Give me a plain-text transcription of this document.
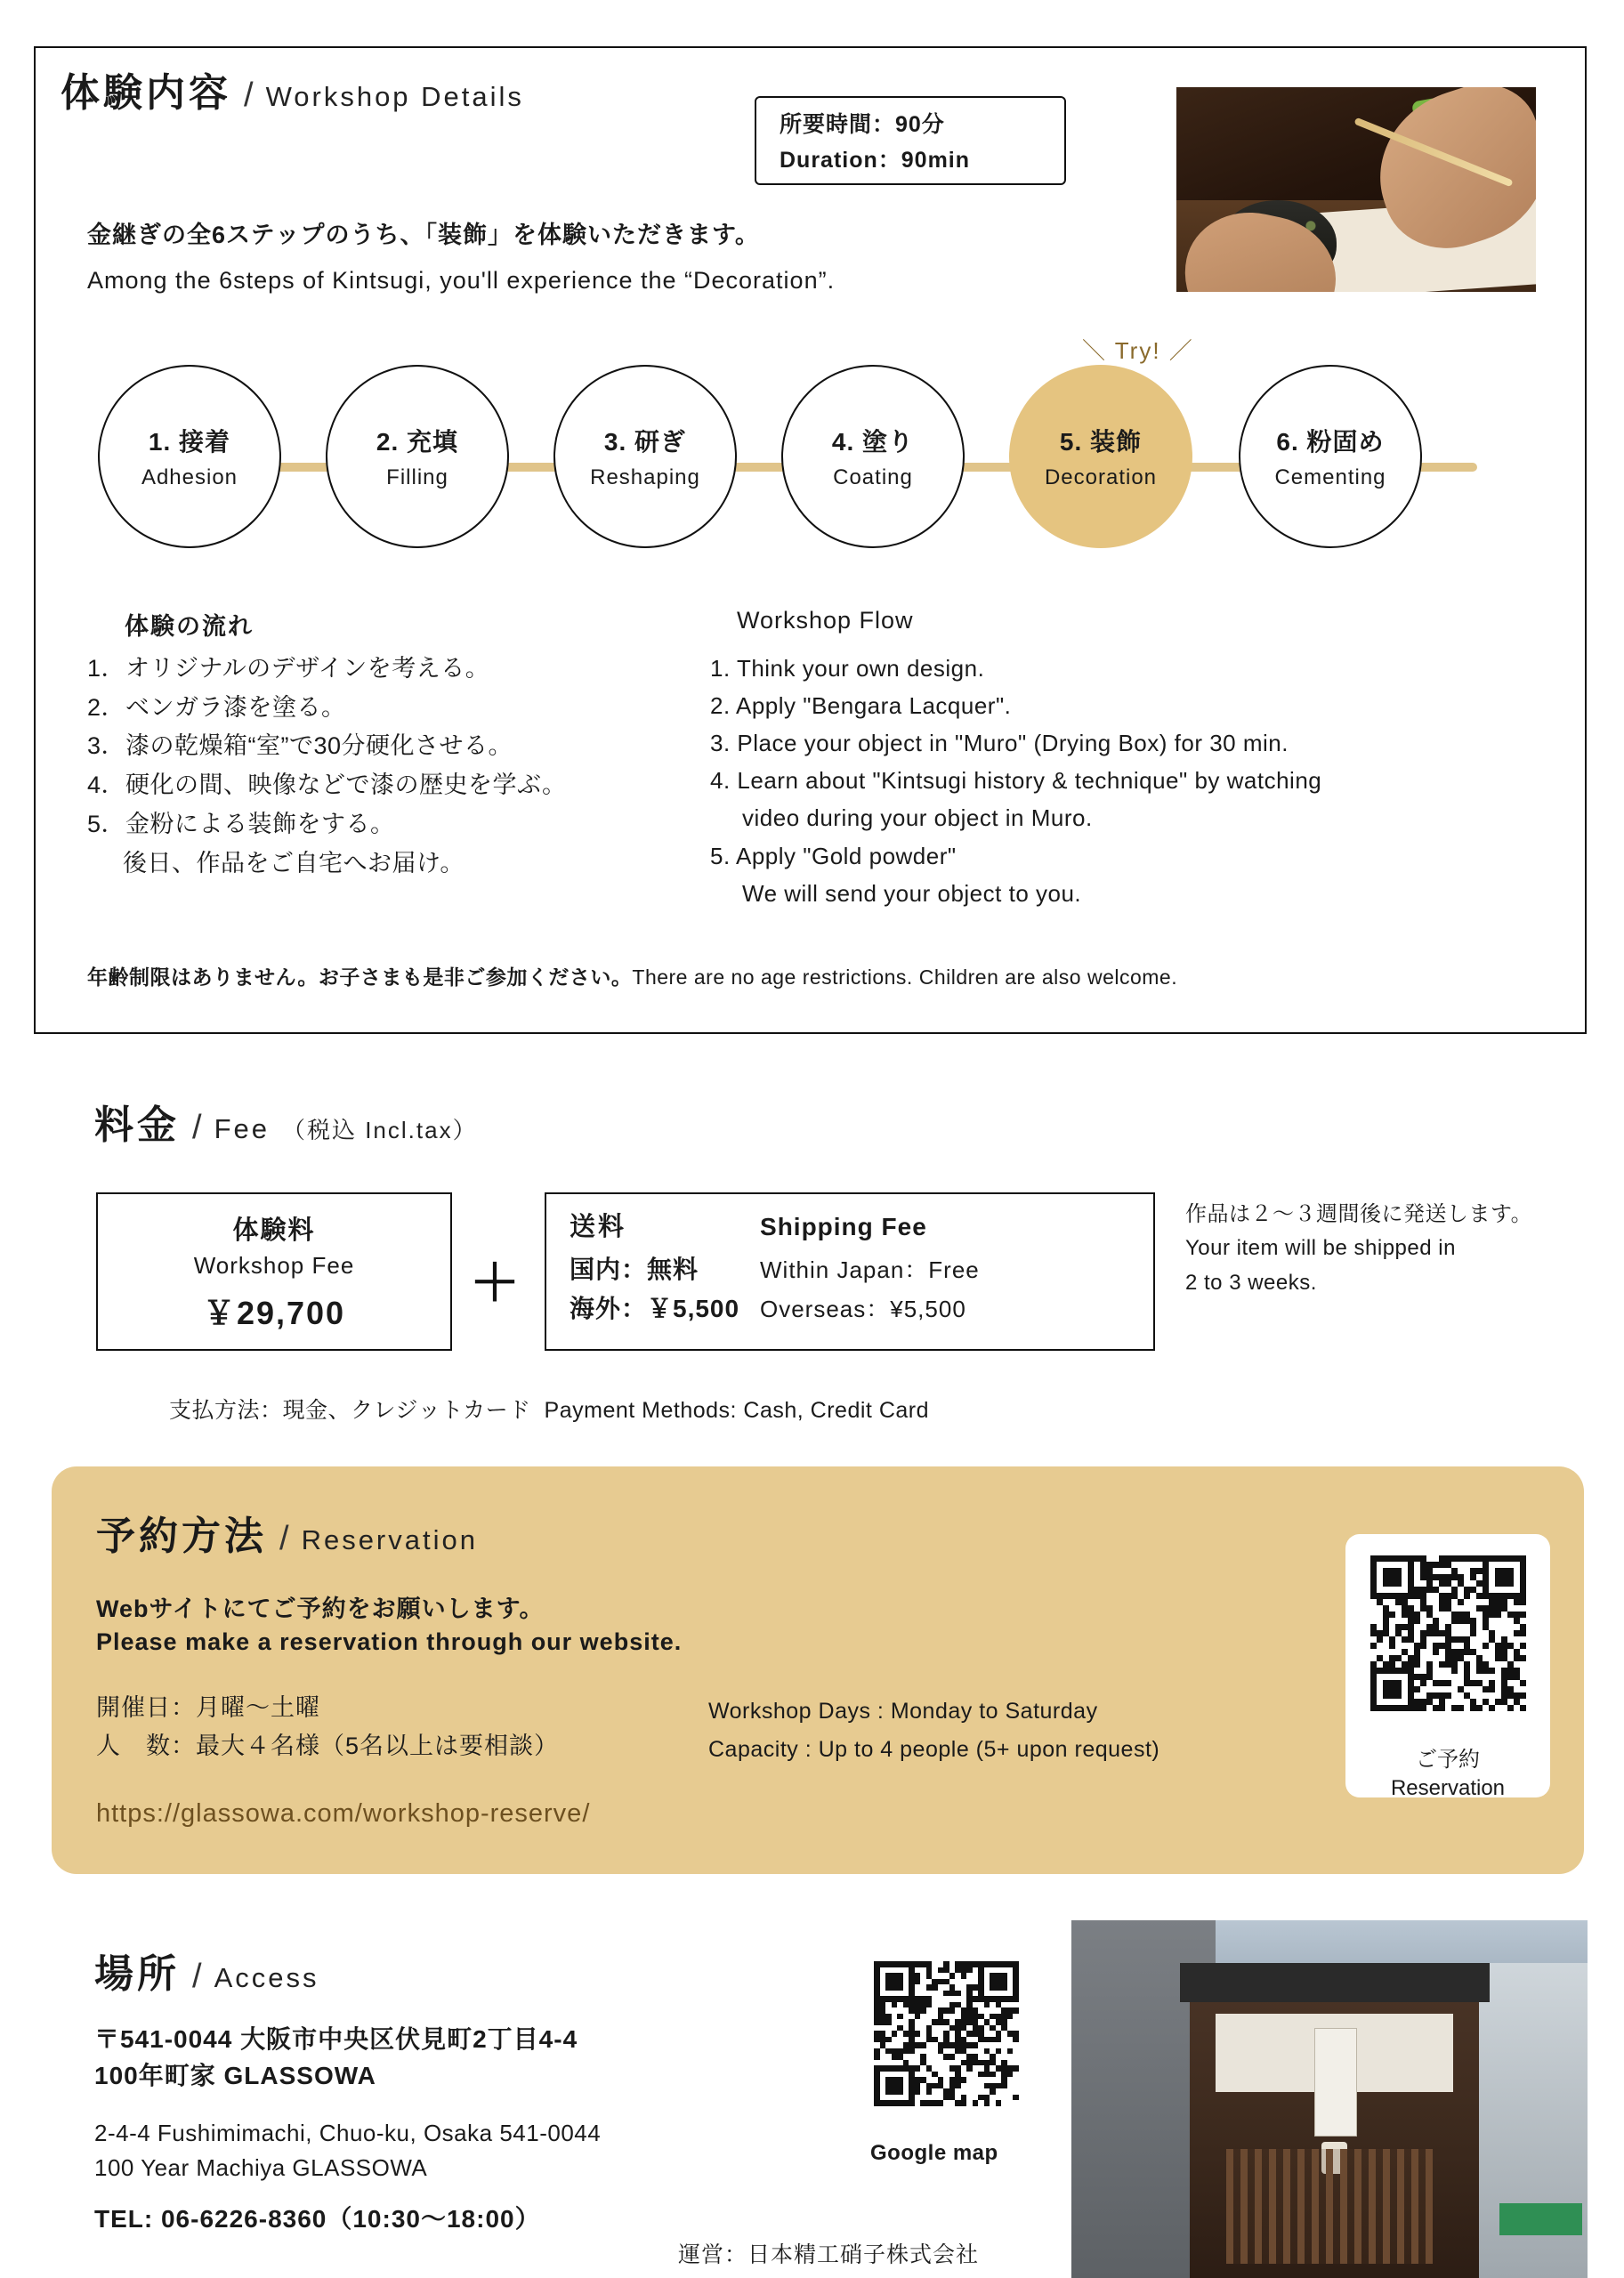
体験内容 / Workshop Details
所要時間：90分
Duration：90min
金継ぎの全6ステップのうち、「装飾」を体験いただきます。
Among the 6steps of Kintsugi, you'll experience the “Decoration”.
＼ Try! ／
1. 接着
Adhesion
2. 充填
Filling
3. 研ぎ
Reshaping
4. 塗り
Coating
5. 装飾
Decoration
6. 粉固め
Cementing
体験の流れ	Workshop Flow
1．オリジナルのデザインを考える。
2．ベンガラ漆を塗る。
3．漆の乾燥箱“室”で30分硬化させる。
4．硬化の間、映像などで漆の歴史を学ぶ。
5．金粉による装飾をする。
後日、作品をご自宅へお届け。
1. Think your own design.
2. Apply "Bengara Lacquer".
3. Place your object in "Muro" (Drying Box) for 30 min.
4. Learn about "Kintsugi history & technique" by watching
video during your object in Muro.
5. Apply "Gold powder"
We will send your object to you.
年齢制限はありません。お子さまも是非ご参加ください。There are no age restrictions. Children are also welcome.
料金 / Fee （税込 Incl.tax）
体験料
Workshop Fee
￥29,700
＋
送料	Shipping Fee
国内：無料	Within Japan：Free
海外：￥5,500 Overseas：¥5,500
作品は２～３週間後に発送します。
Your item will be shipped in
2 to 3 weeks.
支払方法：現金、クレジットカード Payment Methods: Cash, Credit Card
予約方法 / Reservation
Webサイトにてご予約をお願いします。
Please make a reservation through our website.
開催日：月曜～土曜
人　数：最大４名様（5名以上は要相談）
Workshop Days : Monday to Saturday
Capacity : Up to 4 people (5+ upon request)
https://glassowa.com/workshop-reserve/
ご予約
Reservation
場所 / Access
〒541-0044 大阪市中央区伏見町2丁目4-4
100年町家 GLASSOWA
2-4-4 Fushimimachi, Chuo-ku, Osaka 541-0044
100 Year Machiya GLASSOWA
TEL: 06-6226-8360（10:30～18:00）
運営：日本精工硝子株式会社
Google map
